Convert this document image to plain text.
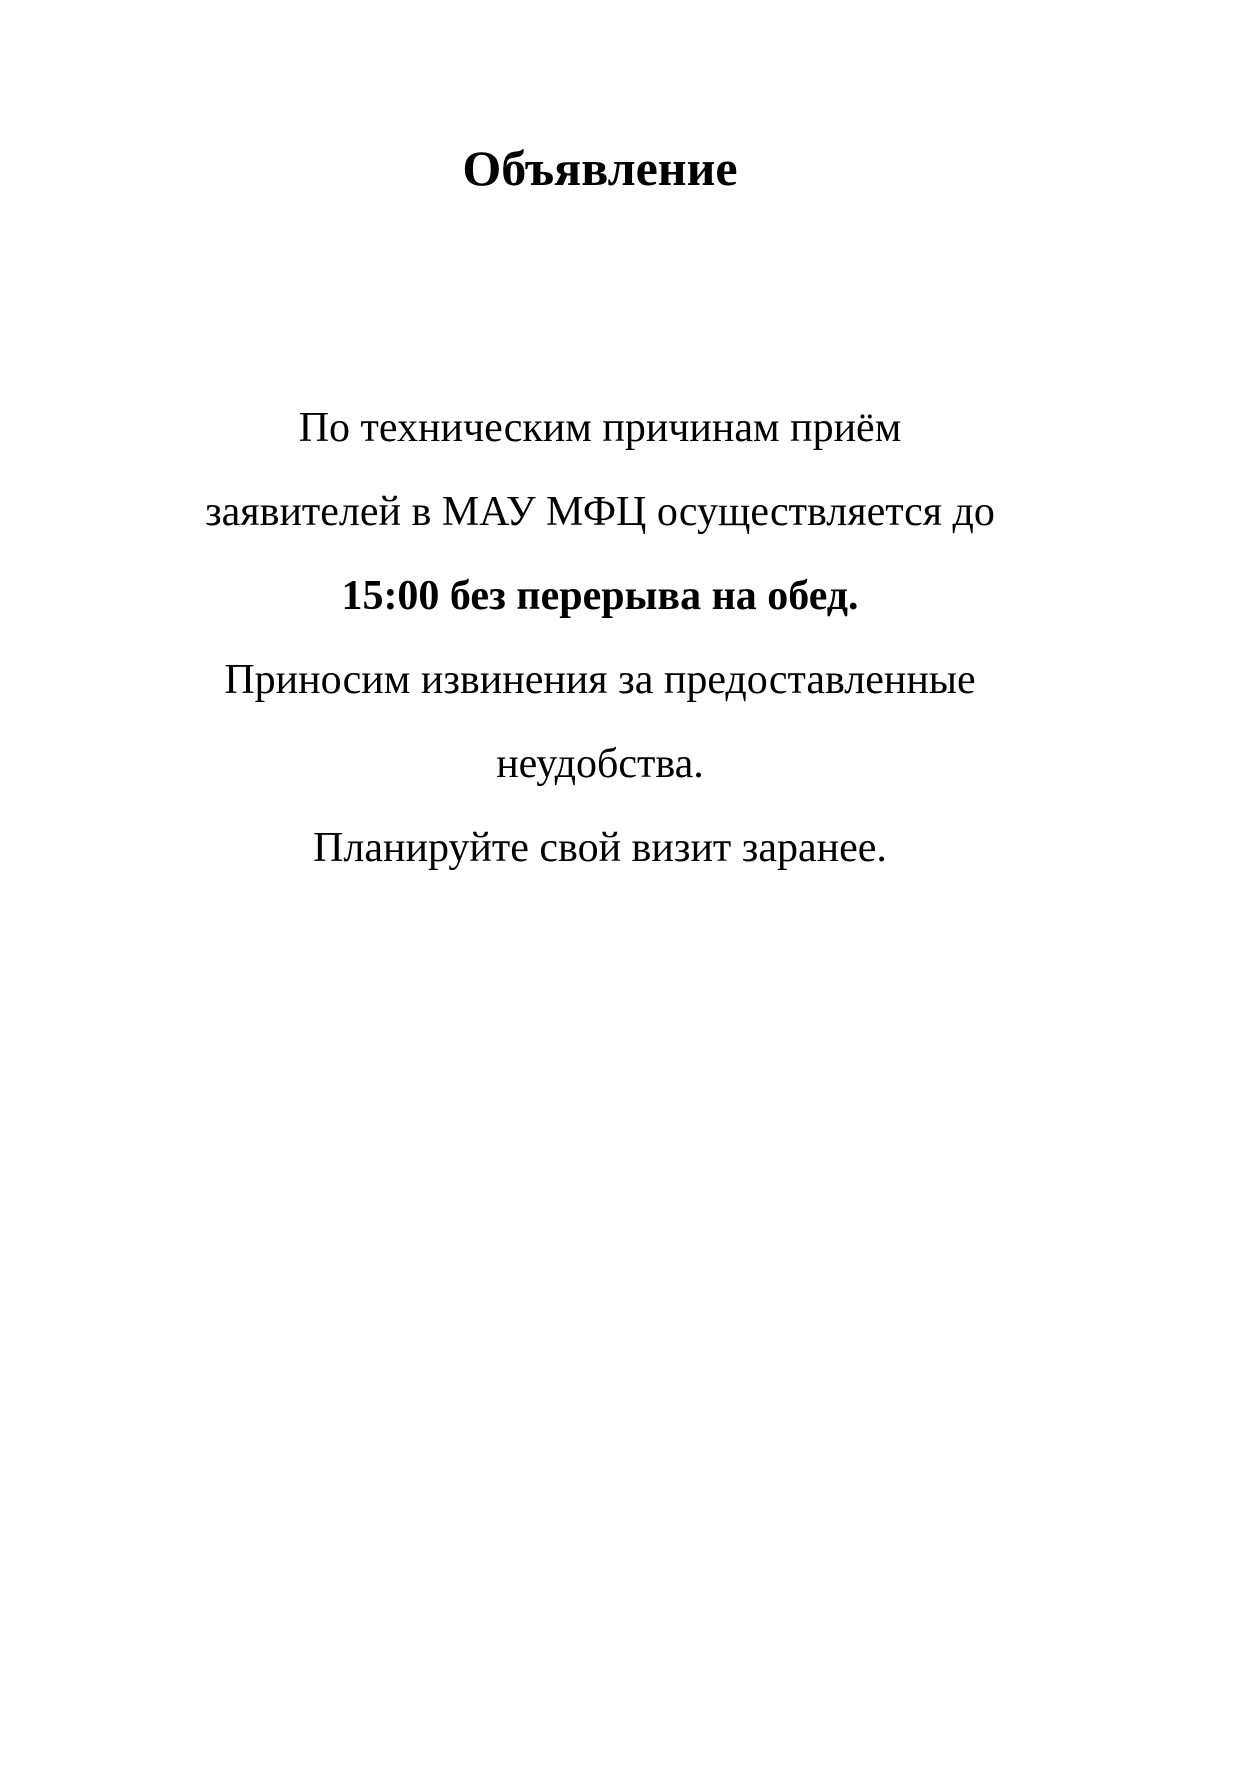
Объявление
По техническим причинам приём
заявителей в МАУ МФЦ осуществляется до
15:00 без перерыва на обед.
Приносим извинения за предоставленные
неудобства.
Планируйте свой визит заранее.
